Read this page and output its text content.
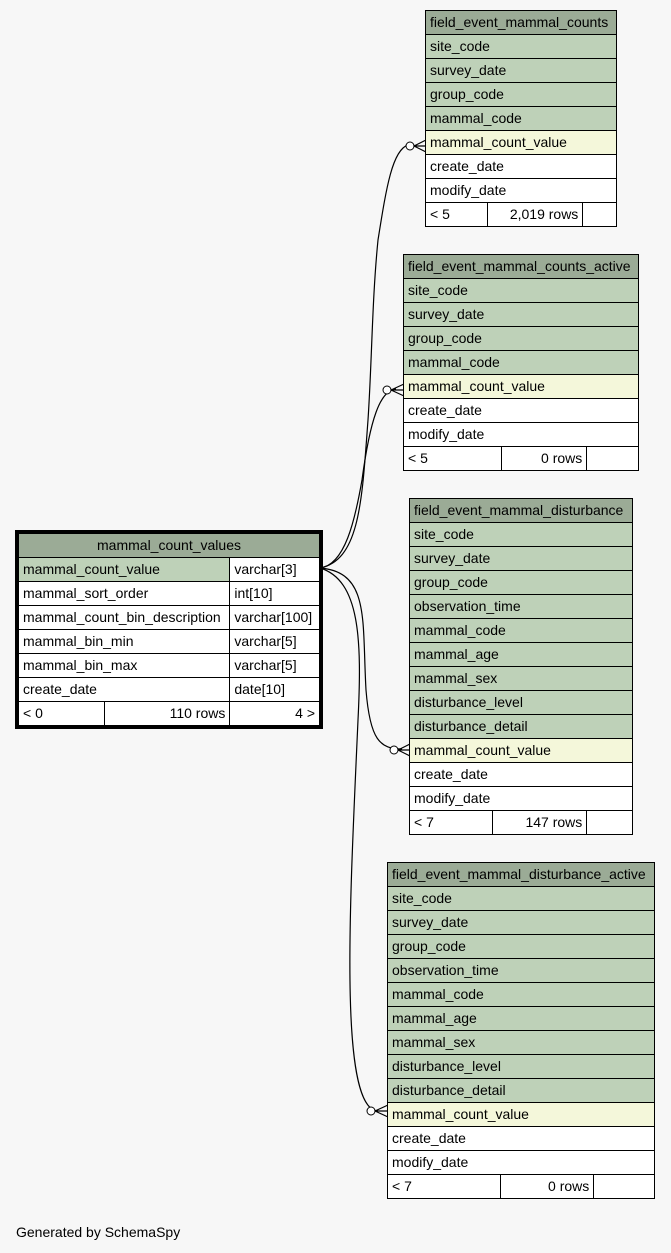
field_event_mammal_counts
site_code
survey_date
group_code
mammal_code
mammal_count_value
create_date
modify_date
< 5	2,019 rows	
field_event_mammal_counts_active
site_code
survey_date
group_code
mammal_code
mammal_count_value
create_date
modify_date
< 5	0 rows	
field_event_mammal_disturbance
site_code
survey_date
group_code
observation_time
mammal_code
mammal_age
mammal_sex
disturbance_level
disturbance_detail
mammal_count_value
create_date
modify_date
< 7	147 rows	
field_event_mammal_disturbance_active
site_code
survey_date
group_code
observation_time
mammal_code
mammal_age
mammal_sex
disturbance_level
disturbance_detail
mammal_count_value
create_date
modify_date
< 7	0 rows	
mammal_count_values		
mammal_count_value		varchar[3]
mammal_sort_order		int[10]
mammal_count_bin_description		varchar[100]
mammal_bin_min		varchar[5]
mammal_bin_max		varchar[5]
create_date		date[10]
< 0	110 rows	4 >
Generated by SchemaSpy
